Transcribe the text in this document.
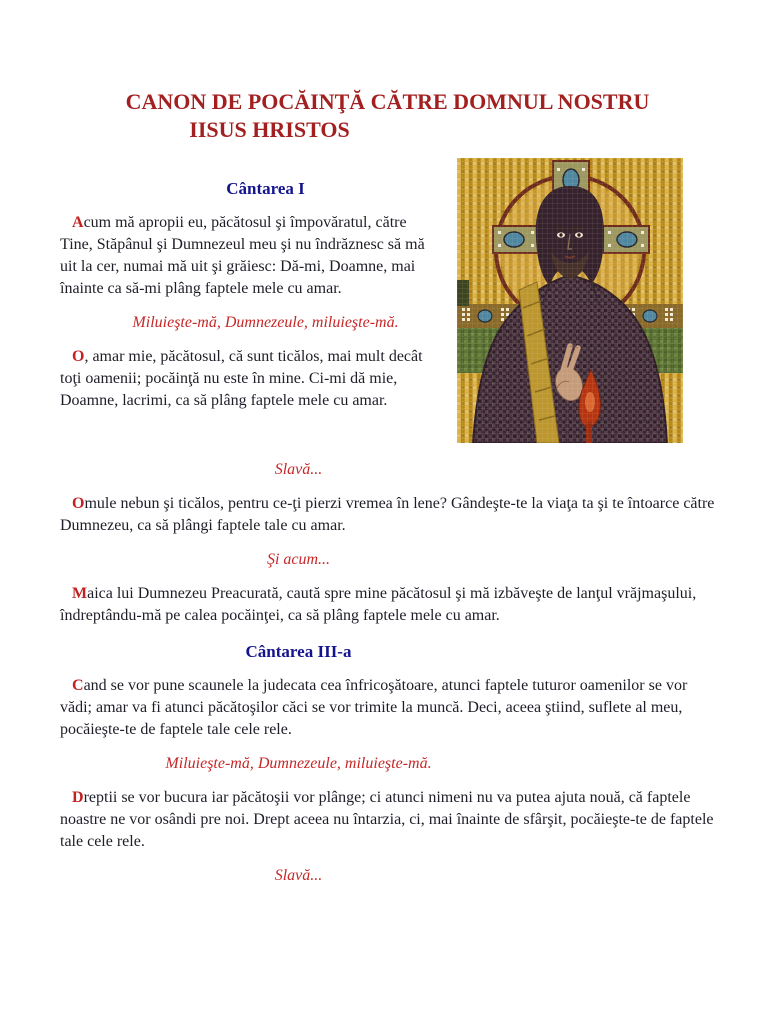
CANON DE POCĂINŢĂ CĂTRE DOMNUL NOSTRU
IISUS HRISTOS
Cântarea I

Acum mă apropii eu, păcătosul şi împovăratul, către Tine, Stăpânul şi Dumnezeul meu şi nu îndrăznesc să mă uit la cer, numai mă uit şi grăiesc: Dă-mi, Doamne, mai înainte ca să-mi plâng faptele mele cu amar.

Miluieşte-mă, Dumnezeule, miluieşte-mă.

O, amar mie, păcătosul, că sunt ticălos, mai mult decât toţi oamenii; pocăinţă nu este în mine. Ci-mi dă mie, Doamne, lacrimi, ca să plâng faptele mele cu amar.

Slavă...

Omule nebun şi ticălos, pentru ce-ţi pierzi vremea în lene? Gândeşte-te la viaţa ta şi te întoarce către Dumnezeu, ca să plângi faptele tale cu amar.

Şi acum...

Maica lui Dumnezeu Preacurată, caută spre mine păcătosul şi mă izbăveşte de lanţul vrăjmaşului, îndreptându-mă pe calea pocăinţei, ca să plâng faptele mele cu amar.

Cântarea III-a

Cand se vor pune scaunele la judecata cea înfricoşătoare, atunci faptele tuturor oamenilor se vor vădi; amar va fi atunci păcătoşilor căci se vor trimite la muncă. Deci, aceea ştiind, suflete al meu, pocăieşte-te de faptele tale cele rele.

Miluieşte-mă, Dumnezeule, miluieşte-mă.

Dreptii se vor bucura iar păcătoşii vor plânge; ci atunci nimeni nu va putea ajuta nouă, că faptele noastre ne vor osândi pre noi. Drept aceea nu întarzia, ci, mai înainte de sfârşit, pocăieşte-te de faptele tale cele rele.

Slavă...
